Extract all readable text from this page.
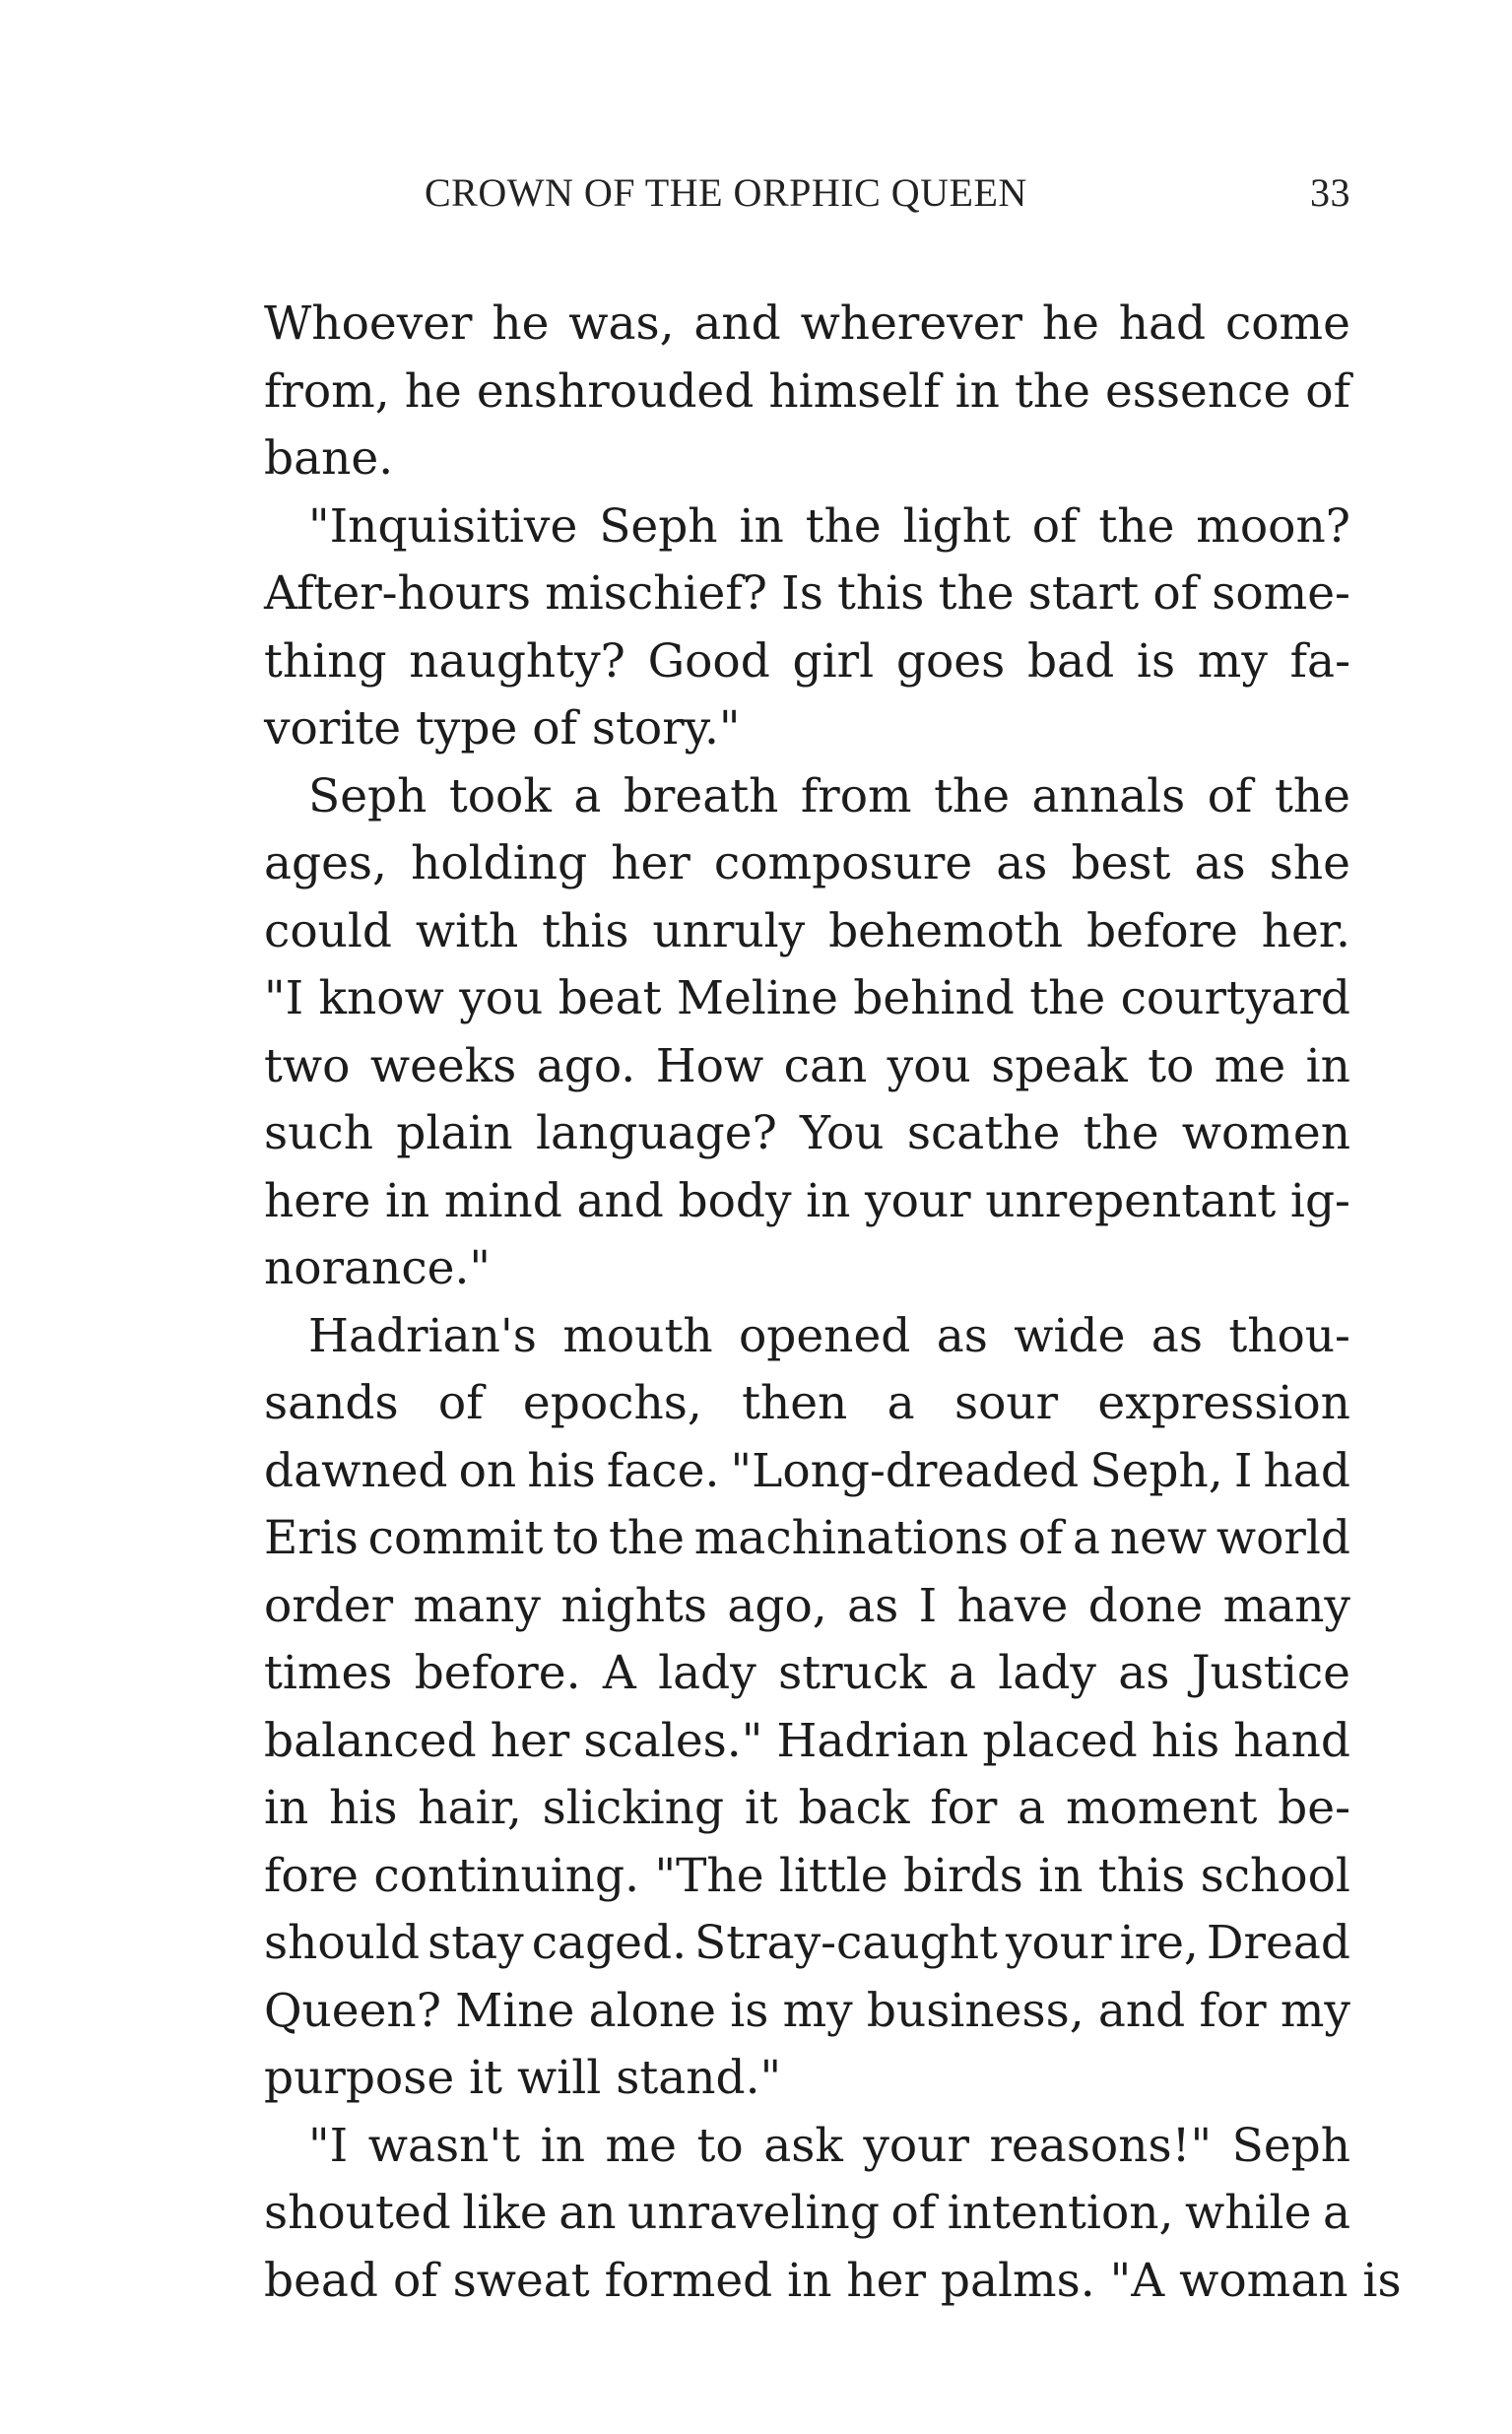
CROWN OF THE ORPHIC QUEEN	33

Whoever he was, and wherever he had come
from, he enshrouded himself in the essence of
bane.

"Inquisitive Seph in the light of the moon?
After-hours mischief? Is this the start of some-
thing naughty? Good girl goes bad is my fa-
vorite type of story."

Seph took a breath from the annals of the
ages, holding her composure as best as she
could with this unruly behemoth before her.
"I know you beat Meline behind the courtyard
two weeks ago. How can you speak to me in
such plain language? You scathe the women
here in mind and body in your unrepentant ig-
norance."

Hadrian's mouth opened as wide as thou-
sands of epochs, then a sour expression
dawned on his face. "Long-dreaded Seph, I had
Eris commit to the machinations of a new world
order many nights ago, as I have done many
times before. A lady struck a lady as Justice
balanced her scales." Hadrian placed his hand
in his hair, slicking it back for a moment be-
fore continuing. "The little birds in this school
should stay caged. Stray-caught your ire, Dread
Queen? Mine alone is my business, and for my
purpose it will stand."

"I wasn't in me to ask your reasons!" Seph
shouted like an unraveling of intention, while a
bead of sweat formed in her palms. "A woman is
